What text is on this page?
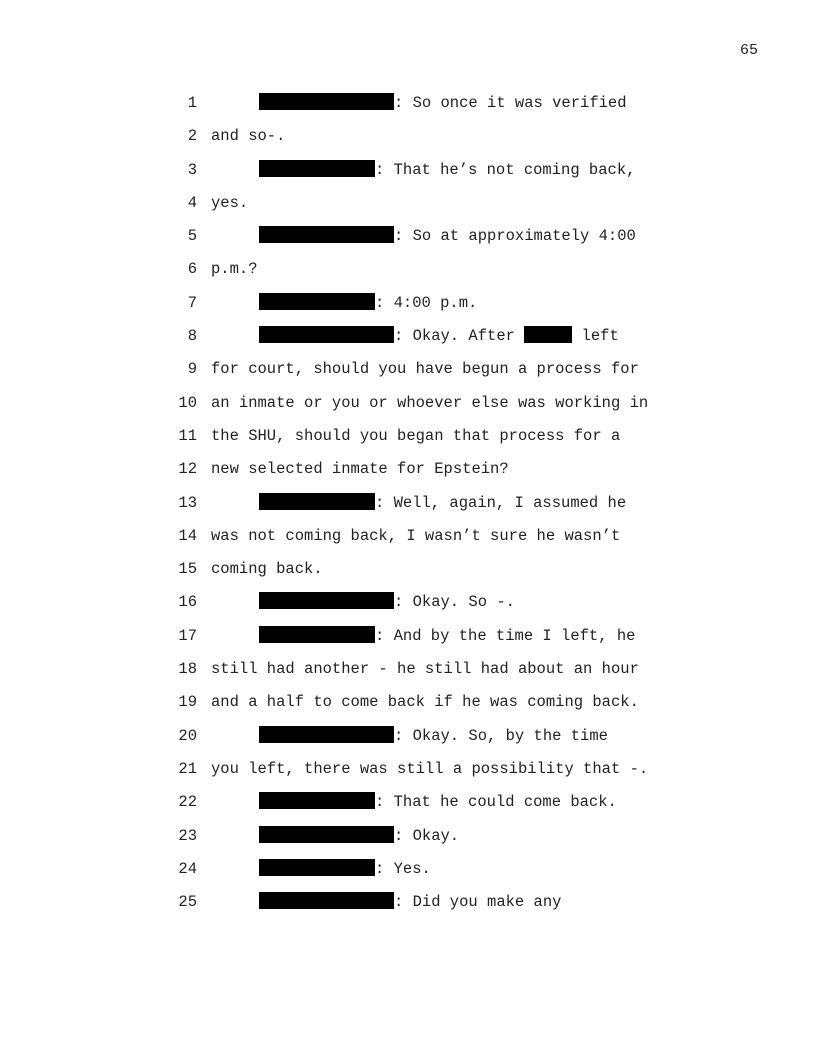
65
1	: So once it was verified
2 and so-.
3	: That he’s not coming back,
4 yes.
5	: So at approximately 4:00
6 p.m.?
7	: 4:00 p.m.
8	: Okay. After	left
9 for court, should you have begun a process for
10 an inmate or you or whoever else was working in
11 the SHU, should you began that process for a
12 new selected inmate for Epstein?
13	: Well, again, I assumed he
14 was not coming back, I wasn’t sure he wasn’t
15 coming back.
16	: Okay. So -.
17	: And by the time I left, he
18 still had another - he still had about an hour
19 and a half to come back if he was coming back.
20	: Okay. So, by the time
21 you left, there was still a possibility that -.
22	: That he could come back.
23	: Okay.
24	: Yes.
25	: Did you make any
